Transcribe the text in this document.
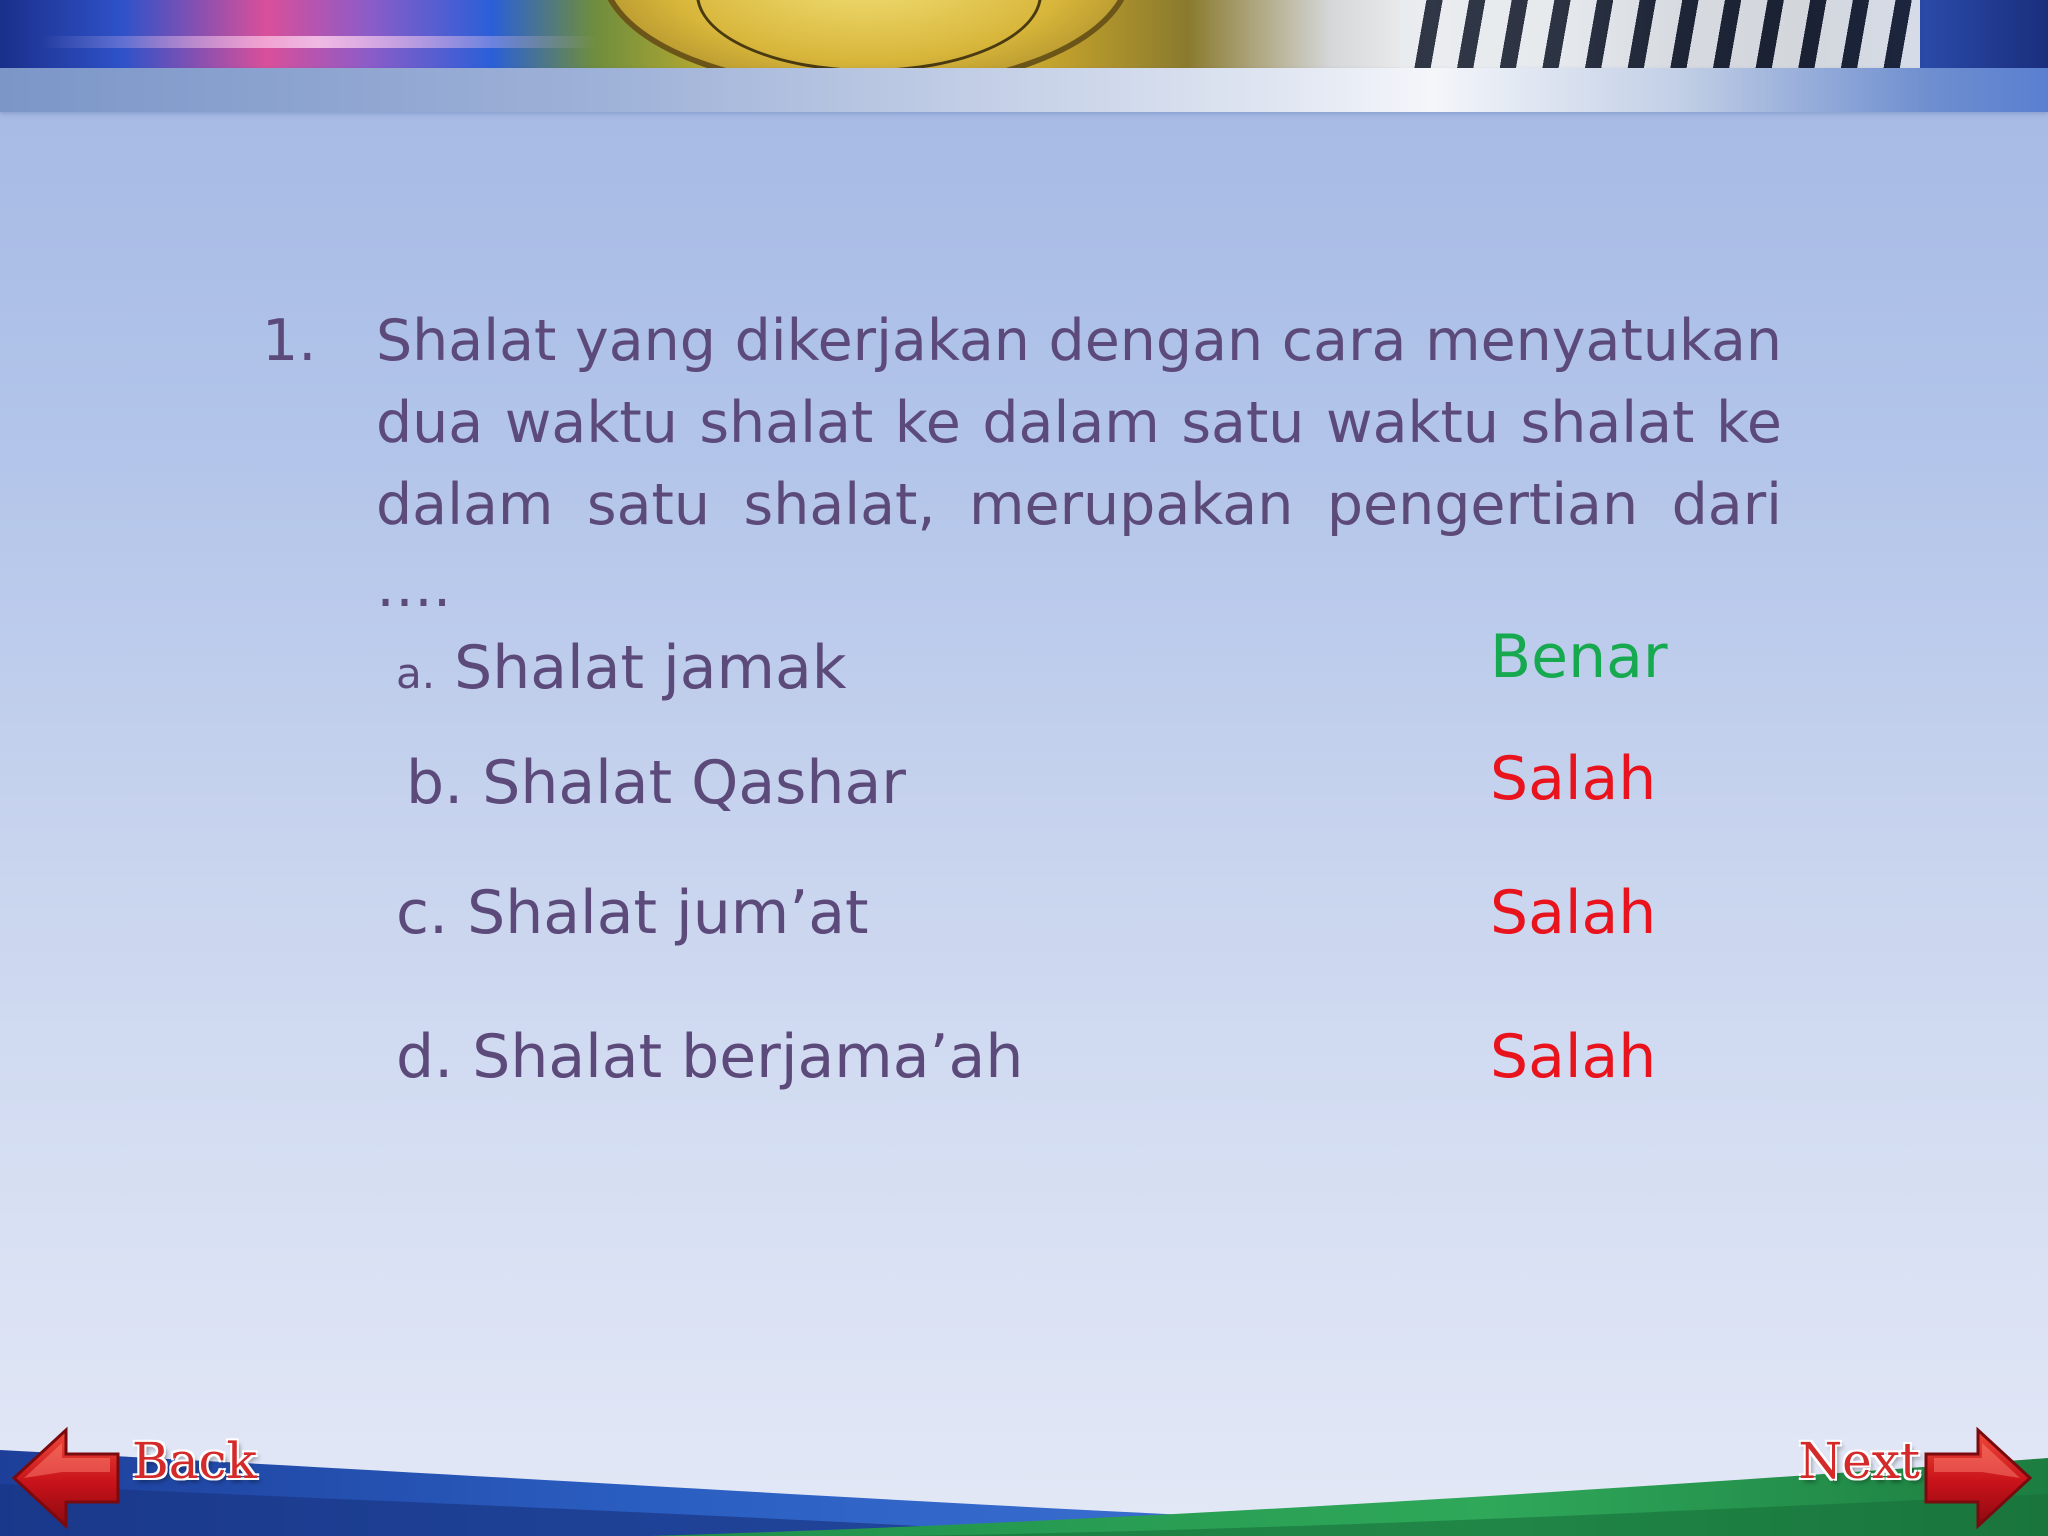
1.	Shalat yang dikerjakan dengan cara menyatukan dua waktu shalat ke dalam satu waktu shalat ke dalam satu shalat, merupakan pengertian dari ….
a. Shalat jamak	Benar
b. Shalat Qashar	Salah
c. Shalat jum’at	Salah
d. Shalat berjama’ah	Salah
Back	Next
